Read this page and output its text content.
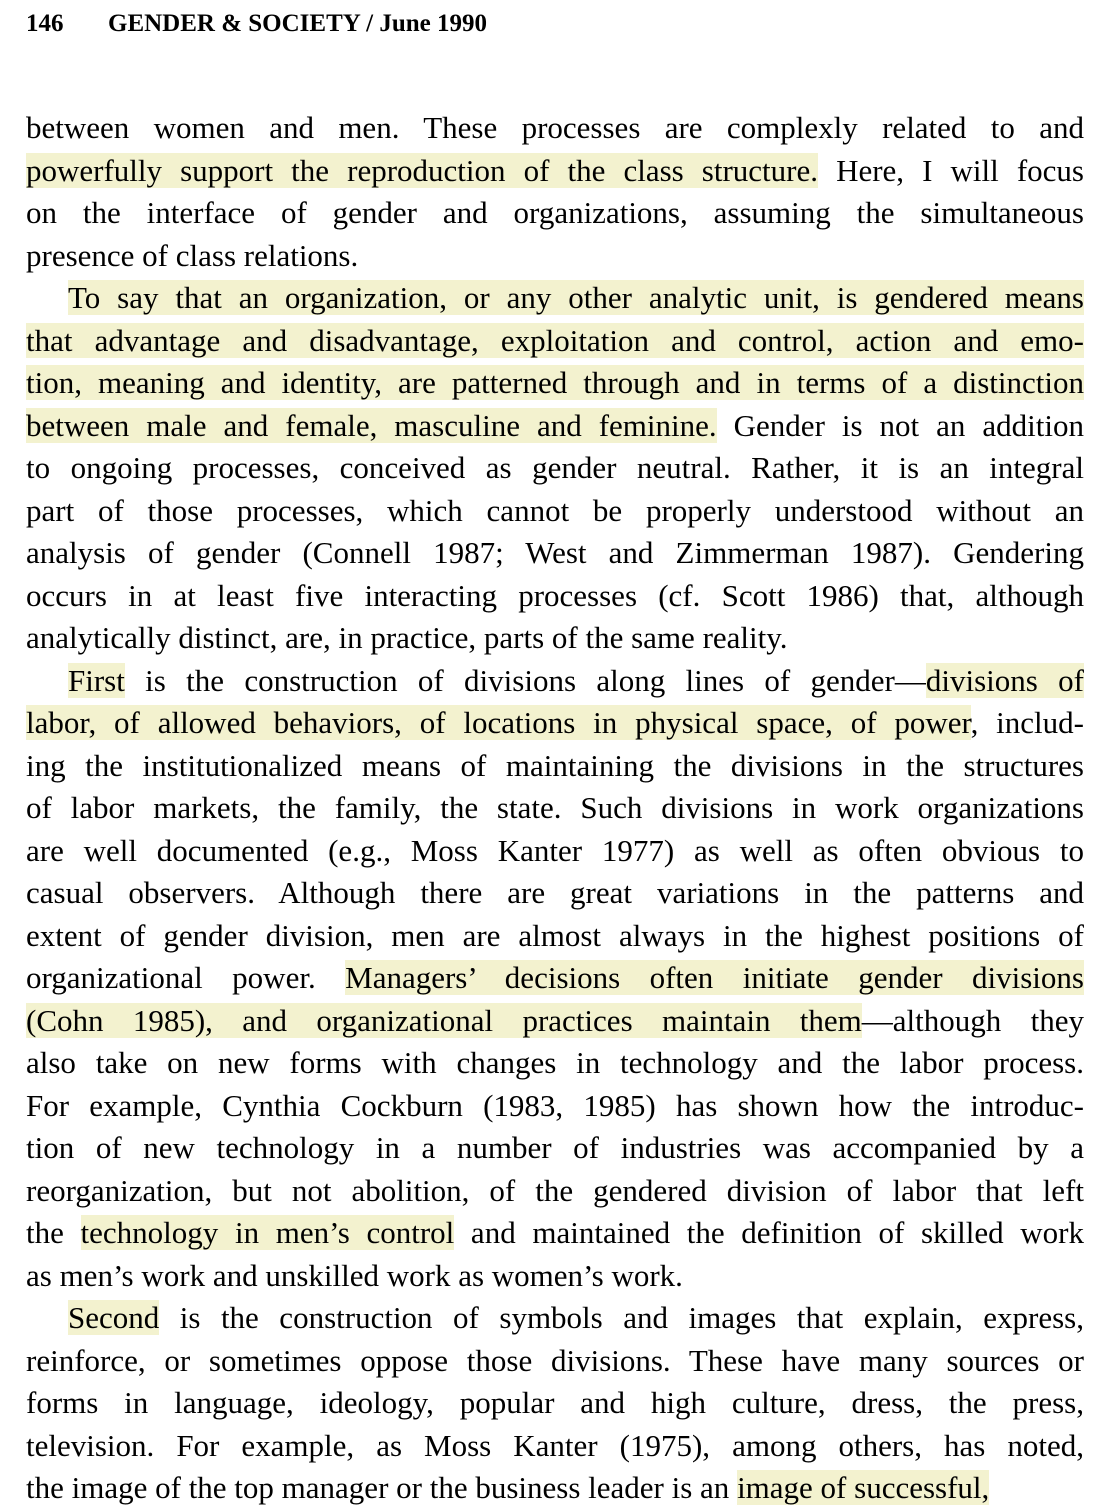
146 GENDER & SOCIETY / June 1990
between women and men. These processes are complexly related to and
powerfully support the reproduction of the class structure. Here, I will focus
on the interface of gender and organizations, assuming the simultaneous
presence of class relations.
To say that an organization, or any other analytic unit, is gendered means
that advantage and disadvantage, exploitation and control, action and emo-
tion, meaning and identity, are patterned through and in terms of a distinction
between male and female, masculine and feminine. Gender is not an addition
to ongoing processes, conceived as gender neutral. Rather, it is an integral
part of those processes, which cannot be properly understood without an
analysis of gender (Connell 1987; West and Zimmerman 1987). Gendering
occurs in at least five interacting processes (cf. Scott 1986) that, although
analytically distinct, are, in practice, parts of the same reality.
First is the construction of divisions along lines of gender—divisions of
labor, of allowed behaviors, of locations in physical space, of power, includ-
ing the institutionalized means of maintaining the divisions in the structures
of labor markets, the family, the state. Such divisions in work organizations
are well documented (e.g., Moss Kanter 1977) as well as often obvious to
casual observers. Although there are great variations in the patterns and
extent of gender division, men are almost always in the highest positions of
organizational power. Managers’ decisions often initiate gender divisions
(Cohn 1985), and organizational practices maintain them—although they
also take on new forms with changes in technology and the labor process.
For example, Cynthia Cockburn (1983, 1985) has shown how the introduc-
tion of new technology in a number of industries was accompanied by a
reorganization, but not abolition, of the gendered division of labor that left
the technology in men’s control and maintained the definition of skilled work
as men’s work and unskilled work as women’s work.
Second is the construction of symbols and images that explain, express,
reinforce, or sometimes oppose those divisions. These have many sources or
forms in language, ideology, popular and high culture, dress, the press,
television. For example, as Moss Kanter (1975), among others, has noted,
the image of the top manager or the business leader is an image of successful,
